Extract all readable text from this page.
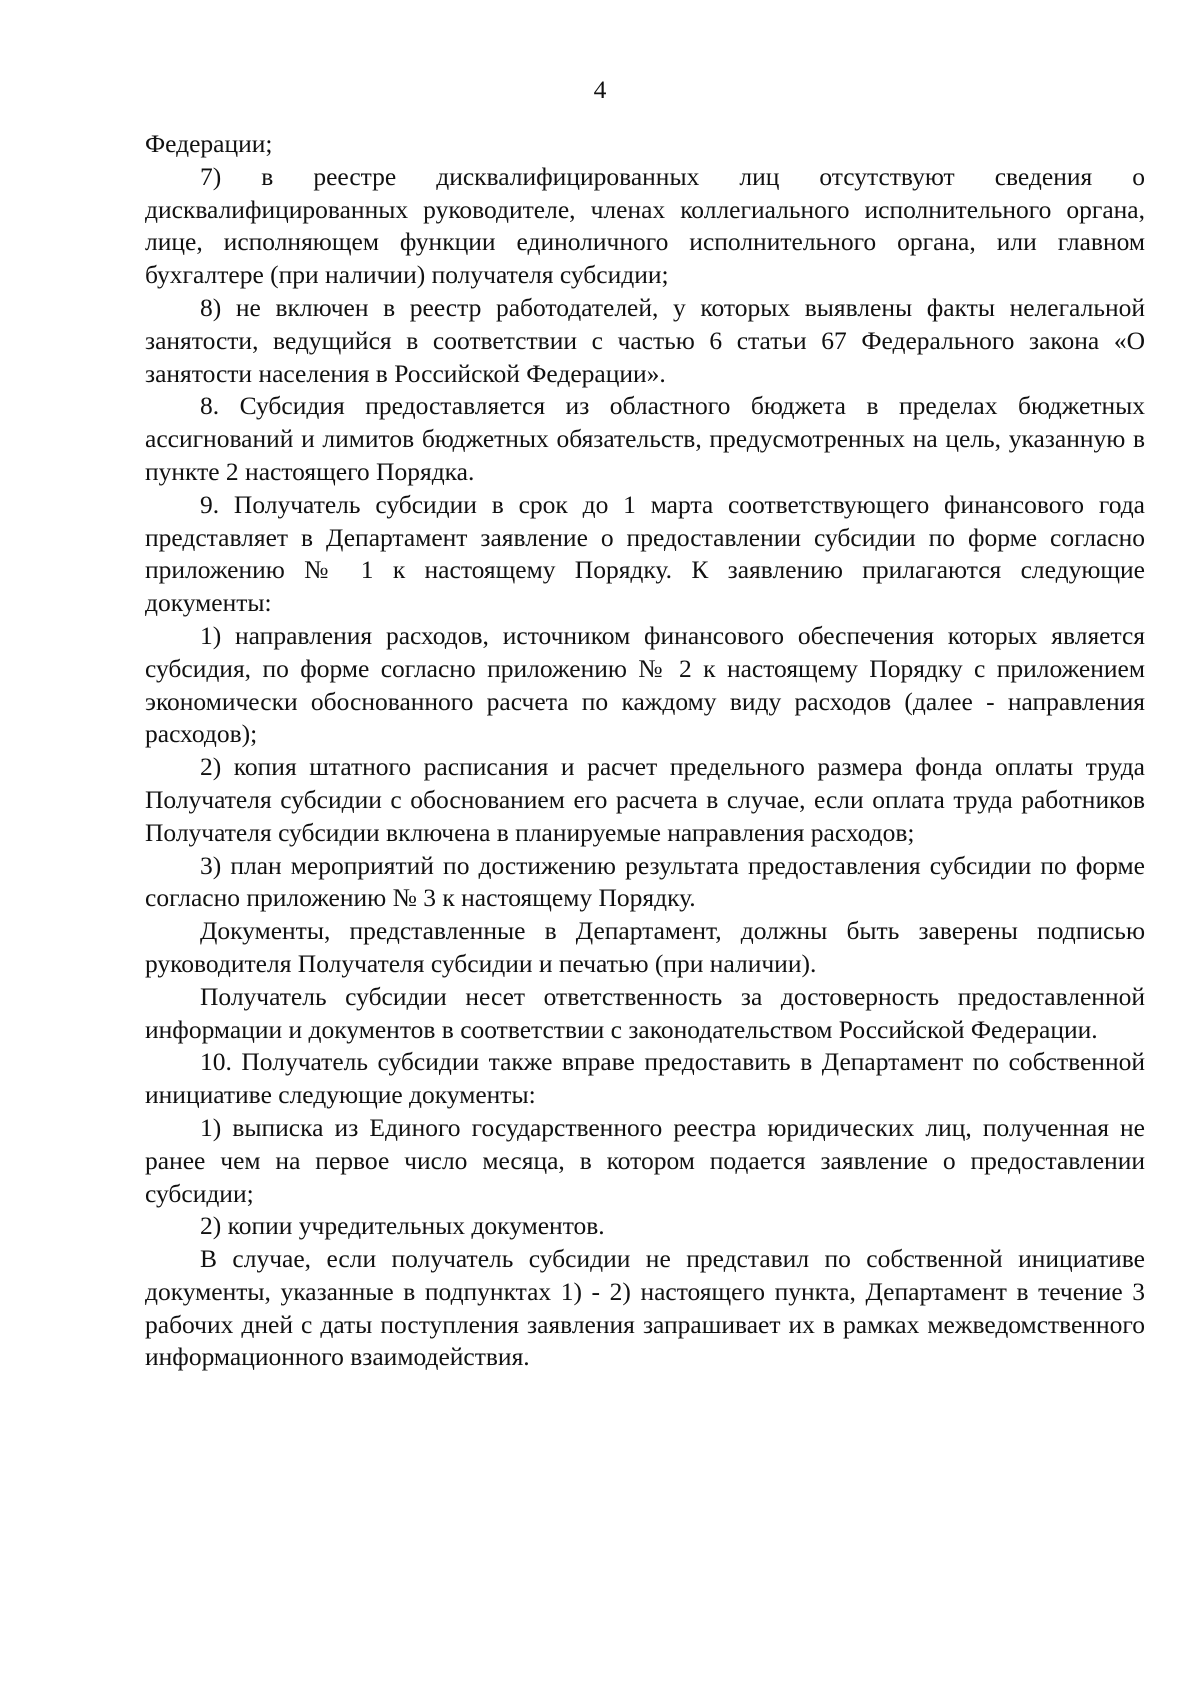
4

Федерации;

7) в реестре дисквалифицированных лиц отсутствуют сведения о дисквалифицированных руководителе, членах коллегиального исполнительного органа, лице, исполняющем функции единоличного исполнительного органа, или главном бухгалтере (при наличии) получателя субсидии;

8) не включен в реестр работодателей, у которых выявлены факты нелегальной занятости, ведущийся в соответствии с частью 6 статьи 67 Федерального закона «О занятости населения в Российской Федерации».

8. Субсидия предоставляется из областного бюджета в пределах бюджетных ассигнований и лимитов бюджетных обязательств, предусмотренных на цель, указанную в пункте 2 настоящего Порядка.

9. Получатель субсидии в срок до 1 марта соответствующего финансового года представляет в Департамент заявление о предоставлении субсидии по форме согласно приложению № 1 к настоящему Порядку. К заявлению прилагаются следующие документы:

1) направления расходов, источником финансового обеспечения которых является субсидия, по форме согласно приложению № 2 к настоящему Порядку с приложением экономически обоснованного расчета по каждому виду расходов (далее - направления расходов);

2) копия штатного расписания и расчет предельного размера фонда оплаты труда Получателя субсидии с обоснованием его расчета в случае, если оплата труда работников Получателя субсидии включена в планируемые направления расходов;

3) план мероприятий по достижению результата предоставления субсидии по форме согласно приложению № 3 к настоящему Порядку.

Документы, представленные в Департамент, должны быть заверены подписью руководителя Получателя субсидии и печатью (при наличии).

Получатель субсидии несет ответственность за достоверность предоставленной информации и документов в соответствии с законодательством Российской Федерации.

10. Получатель субсидии также вправе предоставить в Департамент по собственной инициативе следующие документы:

1) выписка из Единого государственного реестра юридических лиц, полученная не ранее чем на первое число месяца, в котором подается заявление о предоставлении субсидии;

2) копии учредительных документов.

В случае, если получатель субсидии не представил по собственной инициативе документы, указанные в подпунктах 1) - 2) настоящего пункта, Департамент в течение 3 рабочих дней с даты поступления заявления запрашивает их в рамках межведомственного информационного взаимодействия.
